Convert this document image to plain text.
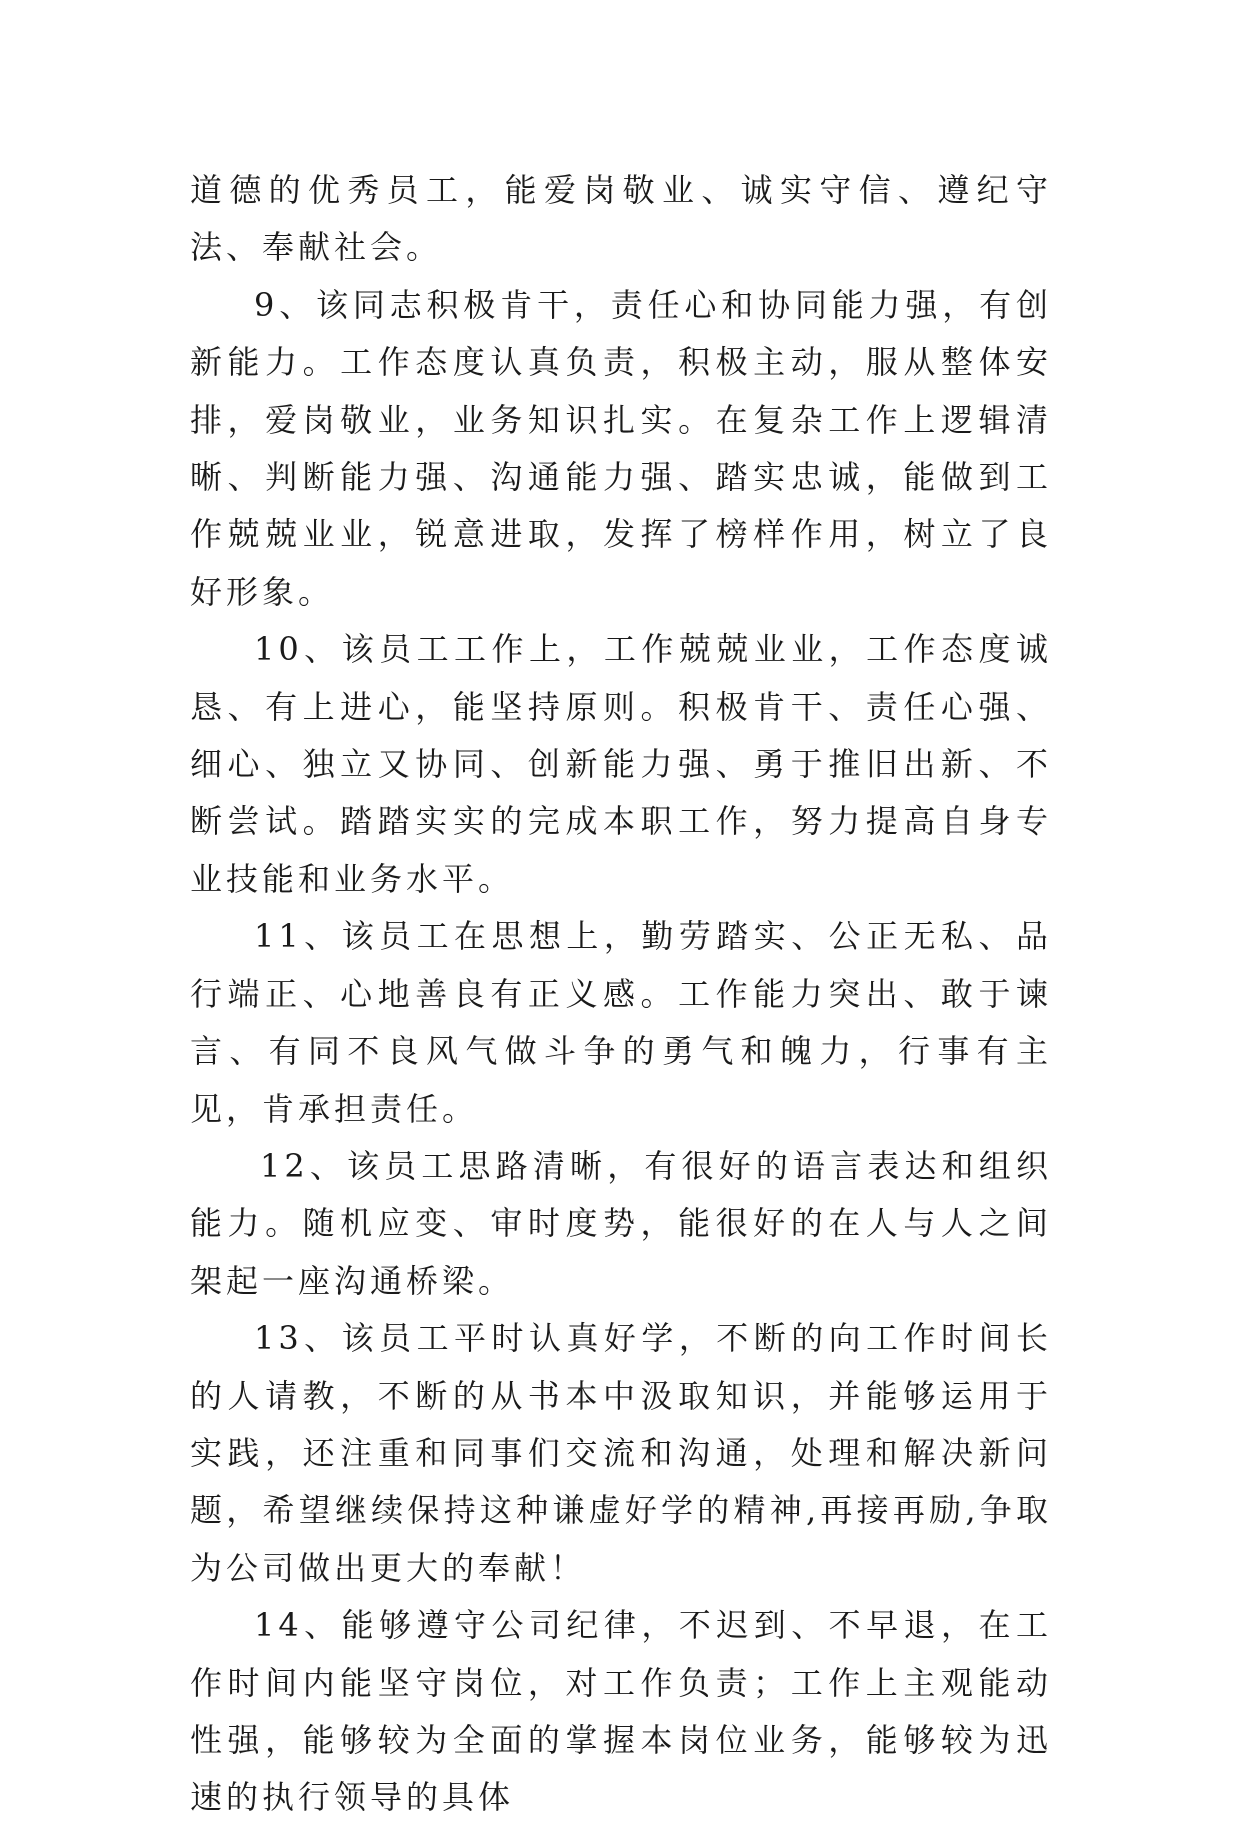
道德的优秀员工，能爱岗敬业、诚实守信、遵纪守法、奉献社会。

9、该同志积极肯干，责任心和协同能力强，有创新能力。工作态度认真负责，积极主动，服从整体安排，爱岗敬业，业务知识扎实。在复杂工作上逻辑清晰、判断能力强、沟通能力强、踏实忠诚，能做到工作兢兢业业，锐意进取，发挥了榜样作用，树立了良好形象。

10、该员工工作上，工作兢兢业业，工作态度诚恳、有上进心，能坚持原则。积极肯干、责任心强、细心、独立又协同、创新能力强、勇于推旧出新、不断尝试。踏踏实实的完成本职工作，努力提高自身专业技能和业务水平。

11、该员工在思想上，勤劳踏实、公正无私、品行端正、心地善良有正义感。工作能力突出、敢于谏言、有同不良风气做斗争的勇气和魄力，行事有主见，肯承担责任。

12、该员工思路清晰，有很好的语言表达和组织能力。随机应变、审时度势，能很好的在人与人之间架起一座沟通桥梁。

13、该员工平时认真好学，不断的向工作时间长的人请教，不断的从书本中汲取知识，并能够运用于实践，还注重和同事们交流和沟通，处理和解决新问题，希望继续保持这种谦虚好学的精神,再接再励,争取为公司做出更大的奉献！

14、能够遵守公司纪律，不迟到、不早退，在工作时间内能坚守岗位，对工作负责；工作上主观能动性强，能够较为全面的掌握本岗位业务，能够较为迅速的执行领导的具体
